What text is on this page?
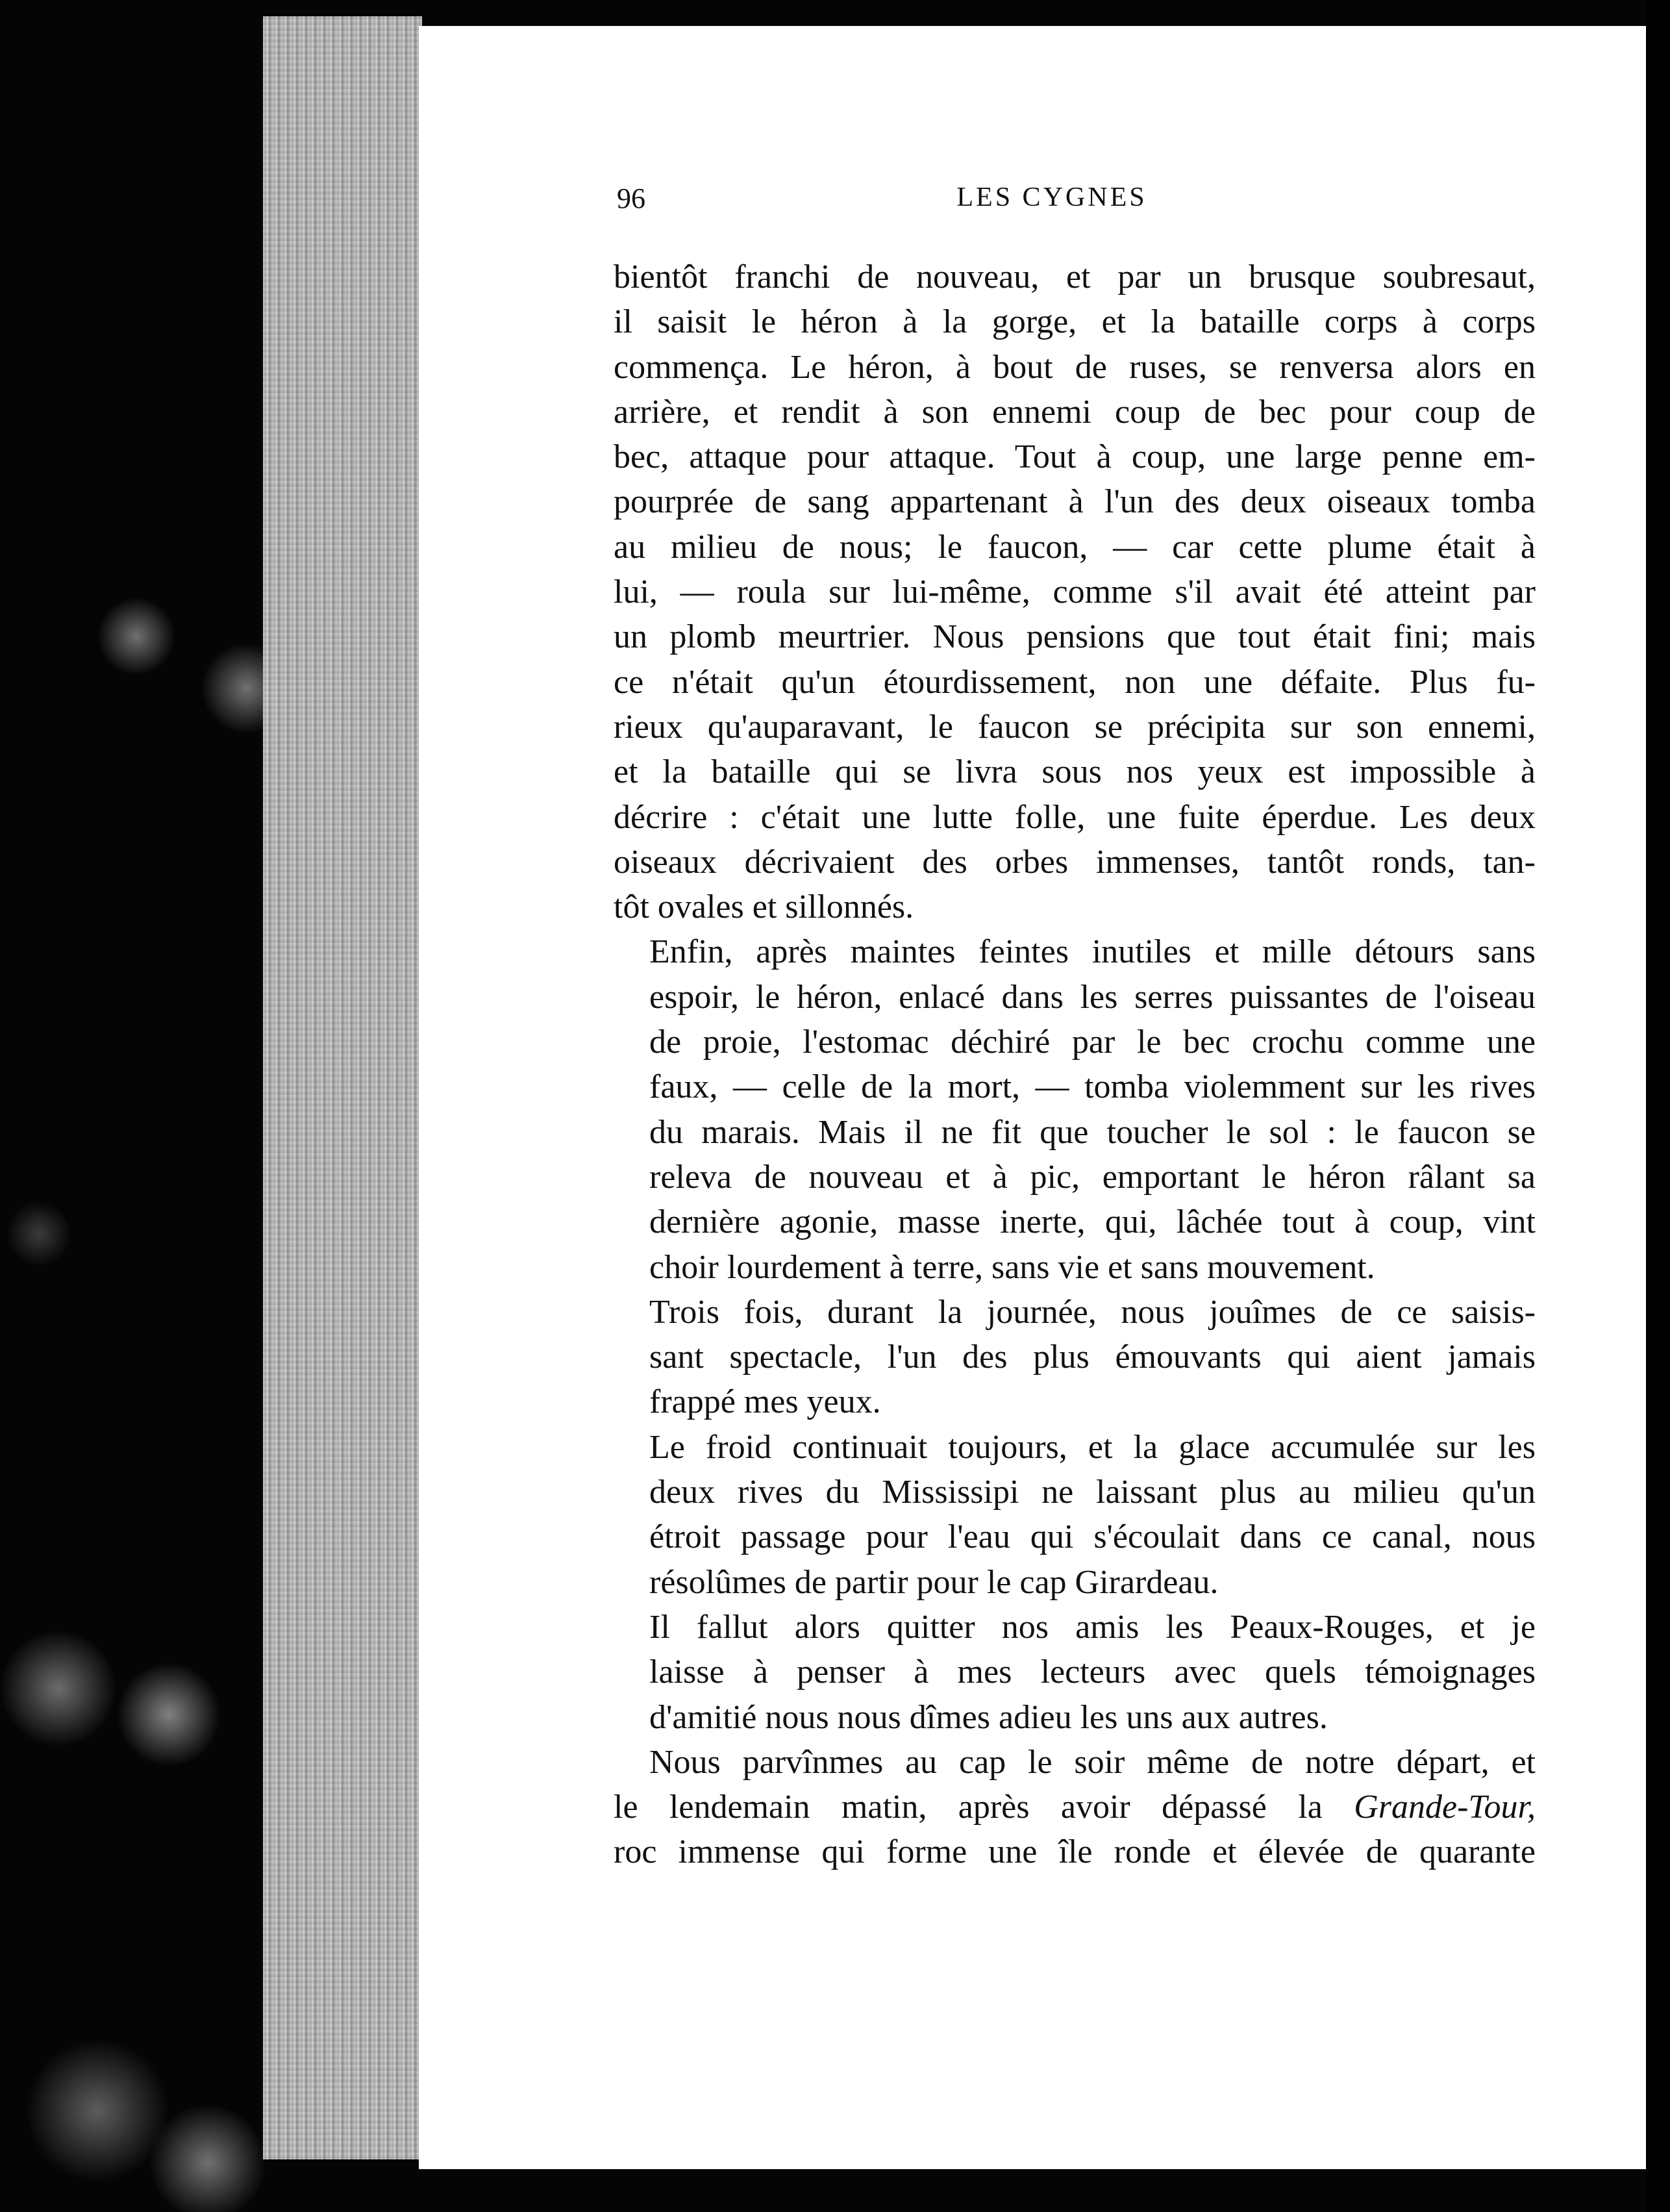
96	LES CYGNES

bientôt franchi de nouveau, et par un brusque soubresaut,
il saisit le héron à la gorge, et la bataille corps à corps
commença. Le héron, à bout de ruses, se renversa alors en
arrière, et rendit à son ennemi coup de bec pour coup de
bec, attaque pour attaque. Tout à coup, une large penne em-
pourprée de sang appartenant à l'un des deux oiseaux tomba
au milieu de nous; le faucon, — car cette plume était à
lui, — roula sur lui-même, comme s'il avait été atteint par
un plomb meurtrier. Nous pensions que tout était fini; mais
ce n'était qu'un étourdissement, non une défaite. Plus fu-
rieux qu'auparavant, le faucon se précipita sur son ennemi,
et la bataille qui se livra sous nos yeux est impossible à
décrire : c'était une lutte folle, une fuite éperdue. Les deux
oiseaux décrivaient des orbes immenses, tantôt ronds, tan-
tôt ovales et sillonnés.

Enfin, après maintes feintes inutiles et mille détours sans
espoir, le héron, enlacé dans les serres puissantes de l'oiseau
de proie, l'estomac déchiré par le bec crochu comme une
faux, — celle de la mort, — tomba violemment sur les rives
du marais. Mais il ne fit que toucher le sol : le faucon se
releva de nouveau et à pic, emportant le héron râlant sa
dernière agonie, masse inerte, qui, lâchée tout à coup, vint
choir lourdement à terre, sans vie et sans mouvement.

Trois fois, durant la journée, nous jouîmes de ce saisis-
sant spectacle, l'un des plus émouvants qui aient jamais
frappé mes yeux.

Le froid continuait toujours, et la glace accumulée sur les
deux rives du Mississipi ne laissant plus au milieu qu'un
étroit passage pour l'eau qui s'écoulait dans ce canal, nous
résolûmes de partir pour le cap Girardeau.

Il fallut alors quitter nos amis les Peaux-Rouges, et je
laisse à penser à mes lecteurs avec quels témoignages
d'amitié nous nous dîmes adieu les uns aux autres.

Nous parvînmes au cap le soir même de notre départ, et

le lendemain matin, après avoir dépassé la Grande-Tour,
roc immense qui forme une île ronde et élevée de quarante
